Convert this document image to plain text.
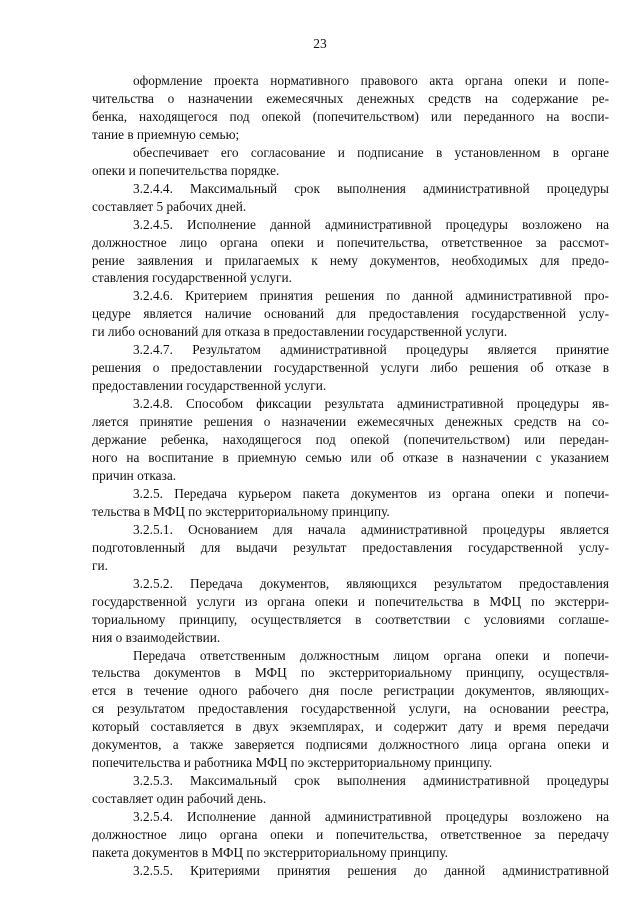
23
оформление проекта нормативного правового акта органа опеки и попе-
чительства о назначении ежемесячных денежных средств на содержание ре-
бенка, находящегося под опекой (попечительством) или переданного на воспи-
тание в приемную семью;
обеспечивает его согласование и подписание в установленном в органе
опеки и попечительства порядке.
3.2.4.4. Максимальный срок выполнения административной процедуры
составляет 5 рабочих дней.
3.2.4.5. Исполнение данной административной процедуры возложено на
должностное лицо органа опеки и попечительства, ответственное за рассмот-
рение заявления и прилагаемых к нему документов, необходимых для предо-
ставления государственной услуги.
3.2.4.6. Критерием принятия решения по данной административной про-
цедуре является наличие оснований для предоставления государственной услу-
ги либо оснований для отказа в предоставлении государственной услуги.
3.2.4.7. Результатом административной процедуры является принятие
решения о предоставлении государственной услуги либо решения об отказе в
предоставлении государственной услуги.
3.2.4.8. Способом фиксации результата административной процедуры яв-
ляется принятие решения о назначении ежемесячных денежных средств на со-
держание ребенка, находящегося под опекой (попечительством) или передан-
ного на воспитание в приемную семью или об отказе в назначении с указанием
причин отказа.
3.2.5. Передача курьером пакета документов из органа опеки и попечи-
тельства в МФЦ по экстерриториальному принципу.
3.2.5.1. Основанием для начала административной процедуры является
подготовленный для выдачи результат предоставления государственной услу-
ги.
3.2.5.2. Передача документов, являющихся результатом предоставления
государственной услуги из органа опеки и попечительства в МФЦ по экстерри-
ториальному принципу, осуществляется в соответствии с условиями соглаше-
ния о взаимодействии.
Передача ответственным должностным лицом органа опеки и попечи-
тельства документов в МФЦ по экстерриториальному принципу, осуществля-
ется в течение одного рабочего дня после регистрации документов, являющих-
ся результатом предоставления государственной услуги, на основании реестра,
который составляется в двух экземплярах, и содержит дату и время передачи
документов, а также заверяется подписями должностного лица органа опеки и
попечительства и работника МФЦ по экстерриториальному принципу.
3.2.5.3. Максимальный срок выполнения административной процедуры
составляет один рабочий день.
3.2.5.4. Исполнение данной административной процедуры возложено на
должностное лицо органа опеки и попечительства, ответственное за передачу
пакета документов в МФЦ по экстерриториальному принципу.
3.2.5.5. Критериями принятия решения до данной административной
